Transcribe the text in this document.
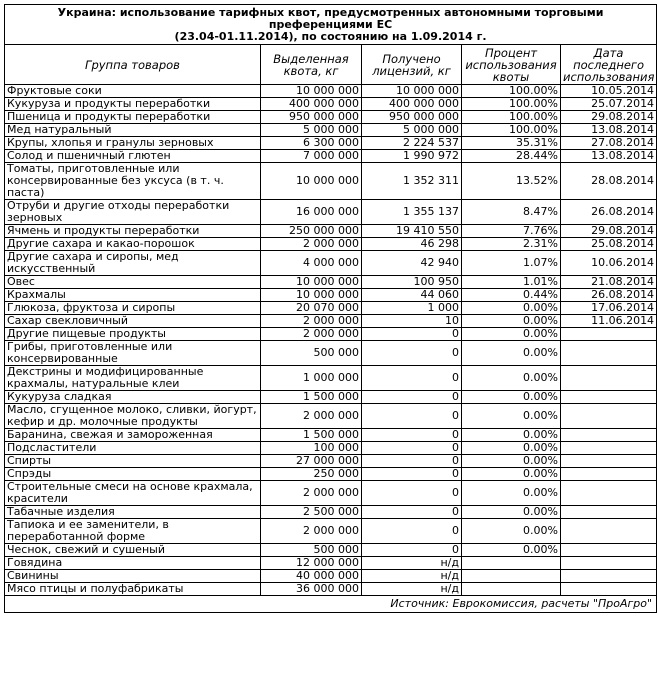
Украина: использование тарифных квот, предусмотренных автономными торговыми преференциями ЕС
(23.04-01.11.2014), по состоянию на 1.09.2014 г.				

Группа товаров	Выделенная квота, кг	Получено лицензий, кг	Процент использования квоты	Дата последнего использования
Фруктовые соки	10 000 000	10 000 000	100.00%	10.05.2014
Кукуруза и продукты переработки	400 000 000	400 000 000	100.00%	25.07.2014
Пшеница и продукты переработки	950 000 000	950 000 000	100.00%	29.08.2014
Мед натуральный	5 000 000	5 000 000	100.00%	13.08.2014
Крупы, хлопья и гранулы зерновых	6 300 000	2 224 537	35.31%	27.08.2014
Солод и пшеничный глютен	7 000 000	1 990 972	28.44%	13.08.2014
Томаты, приготовленные или консервированные без уксуса (в т. ч. паста)	10 000 000	1 352 311	13.52%	28.08.2014
Отруби и другие отходы переработки зерновых	16 000 000	1 355 137	8.47%	26.08.2014
Ячмень и продукты переработки	250 000 000	19 410 550	7.76%	29.08.2014
Другие сахара и какао-порошок	2 000 000	46 298	2.31%	25.08.2014
Другие сахара и сиропы, мед искусственный	4 000 000	42 940	1.07%	10.06.2014
Овес	10 000 000	100 950	1.01%	21.08.2014
Крахмалы	10 000 000	44 060	0.44%	26.08.2014
Глюкоза, фруктоза и сиропы	20 070 000	1 000	0.00%	17.06.2014
Сахар свекловичный	2 000 000	10	0.00%	11.06.2014
Другие пищевые продукты	2 000 000	0	0.00%	
Грибы, приготовленные или консервированные	500 000	0	0.00%	
Декстрины и модифицированные крахмалы, натуральные клеи	1 000 000	0	0.00%	
Кукуруза сладкая	1 500 000	0	0.00%	
Масло, сгущенное молоко, сливки, йогурт, кефир и др. молочные продукты	2 000 000	0	0.00%	
Баранина, свежая и замороженная	1 500 000	0	0.00%	
Подсластители	100 000	0	0.00%	
Спирты	27 000 000	0	0.00%	
Спрэды	250 000	0	0.00%	
Строительные смеси на основе крахмала, красители	2 000 000	0	0.00%	
Табачные изделия	2 500 000	0	0.00%	
Тапиока и ее заменители, в переработанной форме	2 000 000	0	0.00%	
Чеснок, свежий и сушеный	500 000	0	0.00%	
Говядина	12 000 000	н/д		
Свинины	40 000 000	н/д		
Мясо птицы и полуфабрикаты	36 000 000	н/д		
Источник: Еврокомиссия, расчеты "ПроАгро"				
